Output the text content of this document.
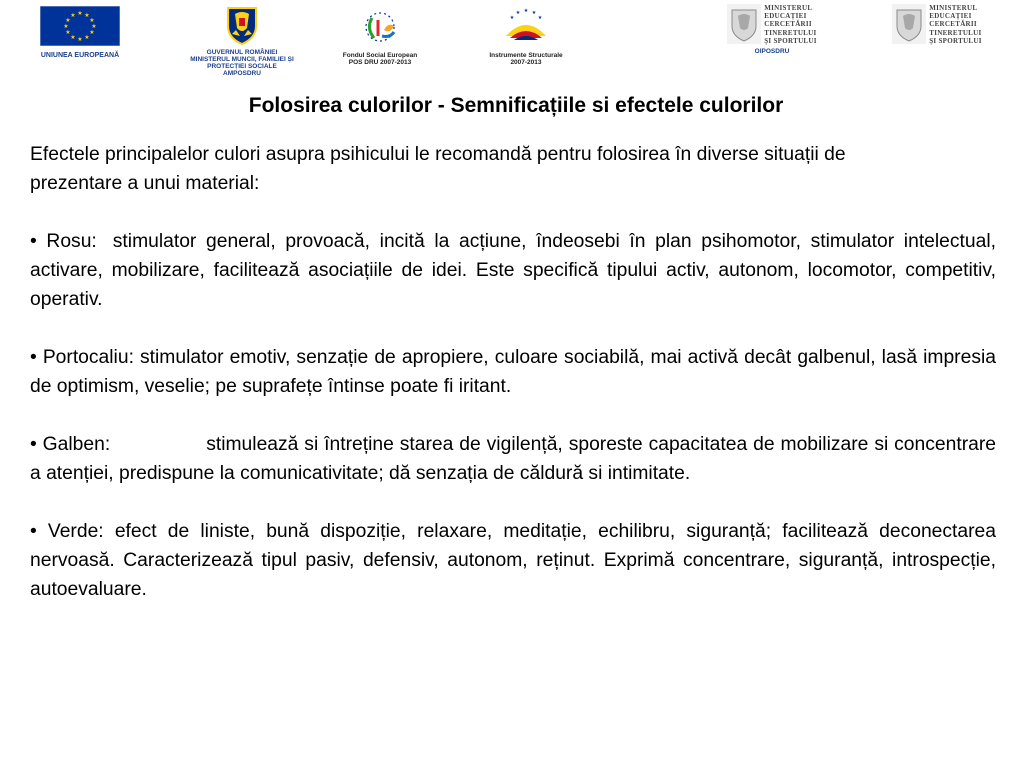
★ ★
★
★
★
★
★
★
★
★
★
★
UNIUNEA EUROPEANĂ	GUVERNUL ROMÂNIEI
MINISTERUL MUNCII, FAMILIEI ȘI
PROTECȚIEI SOCIALE
AMPOSDRU
Fondul Social European
POS DRU 2007-2013
★ ★
★
★
★
Instrumente Structurale
2007-2013
MINISTERUL
EDUCAȚIEI
CERCETĂRII
TINERETULUI
ȘI SPORTULUI
OIPOSDRU
MINISTERUL
EDUCAȚIEI
CERCETĂRII
TINERETULUI
ȘI SPORTULUI
Folosirea culorilor - Semnificațiile si efectele culorilor

Efectele principalelor culori asupra psihicului le recomandă pentru folosirea în diverse situații de prezentare a unui material:

• Rosu: stimulator general, provoacă, incită la acțiune, îndeosebi în plan psihomotor, stimulator intelectual, activare, mobilizare, facilitează asociațiile de idei. Este specifică tipului activ, autonom, locomotor, competitiv, operativ.

• Portocaliu: stimulator emotiv, senzație de apropiere, culoare sociabilă, mai activă decât galbenul, lasă impresia de optimism, veselie; pe suprafețe întinse poate fi iritant.

• Galben:	stimulează si întreține starea de vigilență, sporeste capacitatea de mobilizare si concentrare a atenției, predispune la comunicativitate; dă senzația de căldură si intimitate.

• Verde: efect de liniste, bună dispoziție, relaxare, meditație, echilibru, siguranță; facilitează deconectarea nervoasă. Caracterizează tipul pasiv, defensiv, autonom, reținut. Exprimă concentrare, siguranță, introspecție, autoevaluare.
